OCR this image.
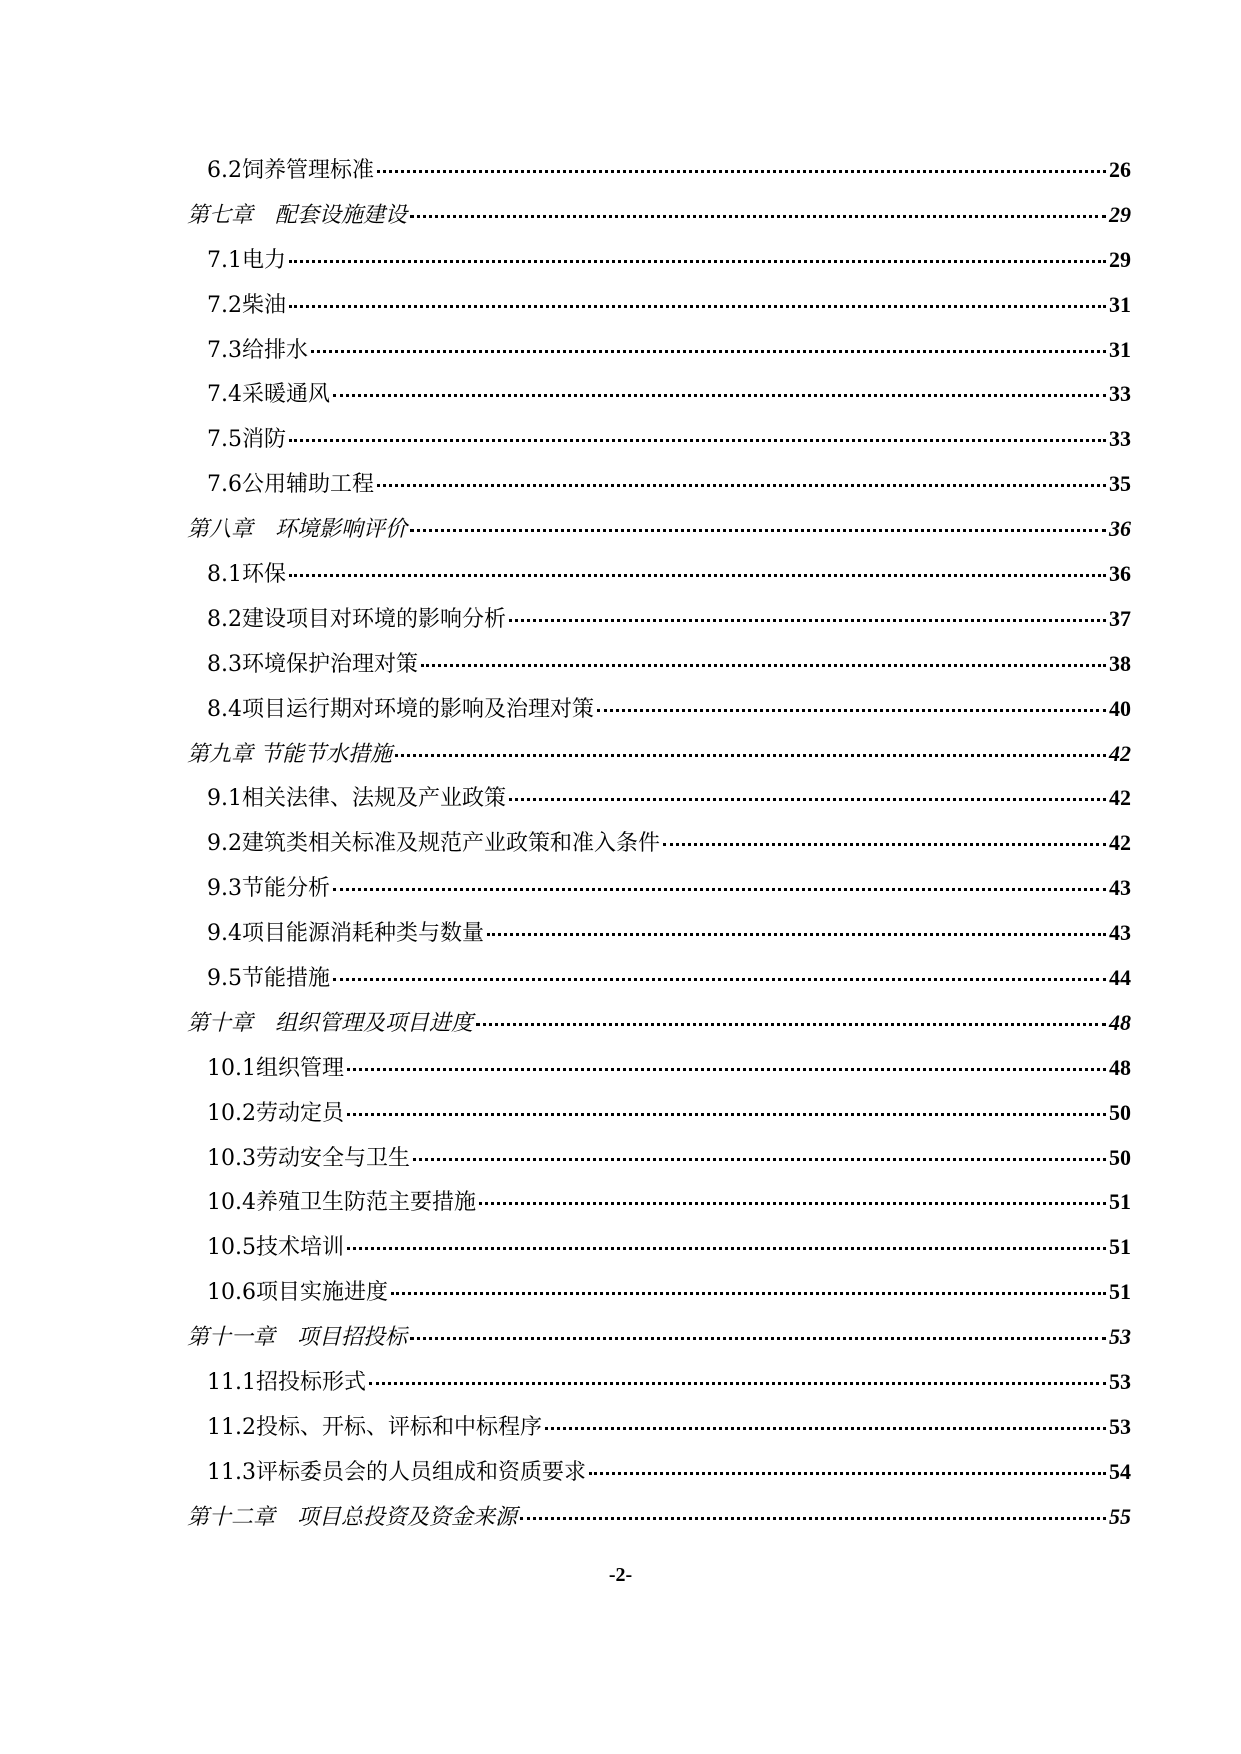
6.2饲养管理标准	26
第七章　配套设施建设	29
7.1电力	29
7.2柴油	31
7.3给排水	31
7.4采暖通风	33
7.5消防	33
7.6公用辅助工程	35
第八章　环境影响评价	36
8.1环保	36
8.2建设项目对环境的影响分析	37
8.3环境保护治理对策	38
8.4项目运行期对环境的影响及治理对策	40
第九章 节能节水措施	42
9.1相关法律、法规及产业政策	42
9.2建筑类相关标准及规范产业政策和准入条件	42
9.3节能分析	43
9.4项目能源消耗种类与数量	43
9.5节能措施	44
第十章　组织管理及项目进度	48
10.1组织管理	48
10.2劳动定员	50
10.3劳动安全与卫生	50
10.4养殖卫生防范主要措施	51
10.5技术培训	51
10.6项目实施进度	51
第十一章　项目招投标	53
11.1招投标形式	53
11.2投标、开标、评标和中标程序	53
11.3评标委员会的人员组成和资质要求	54
第十二章　项目总投资及资金来源	55
-2-
